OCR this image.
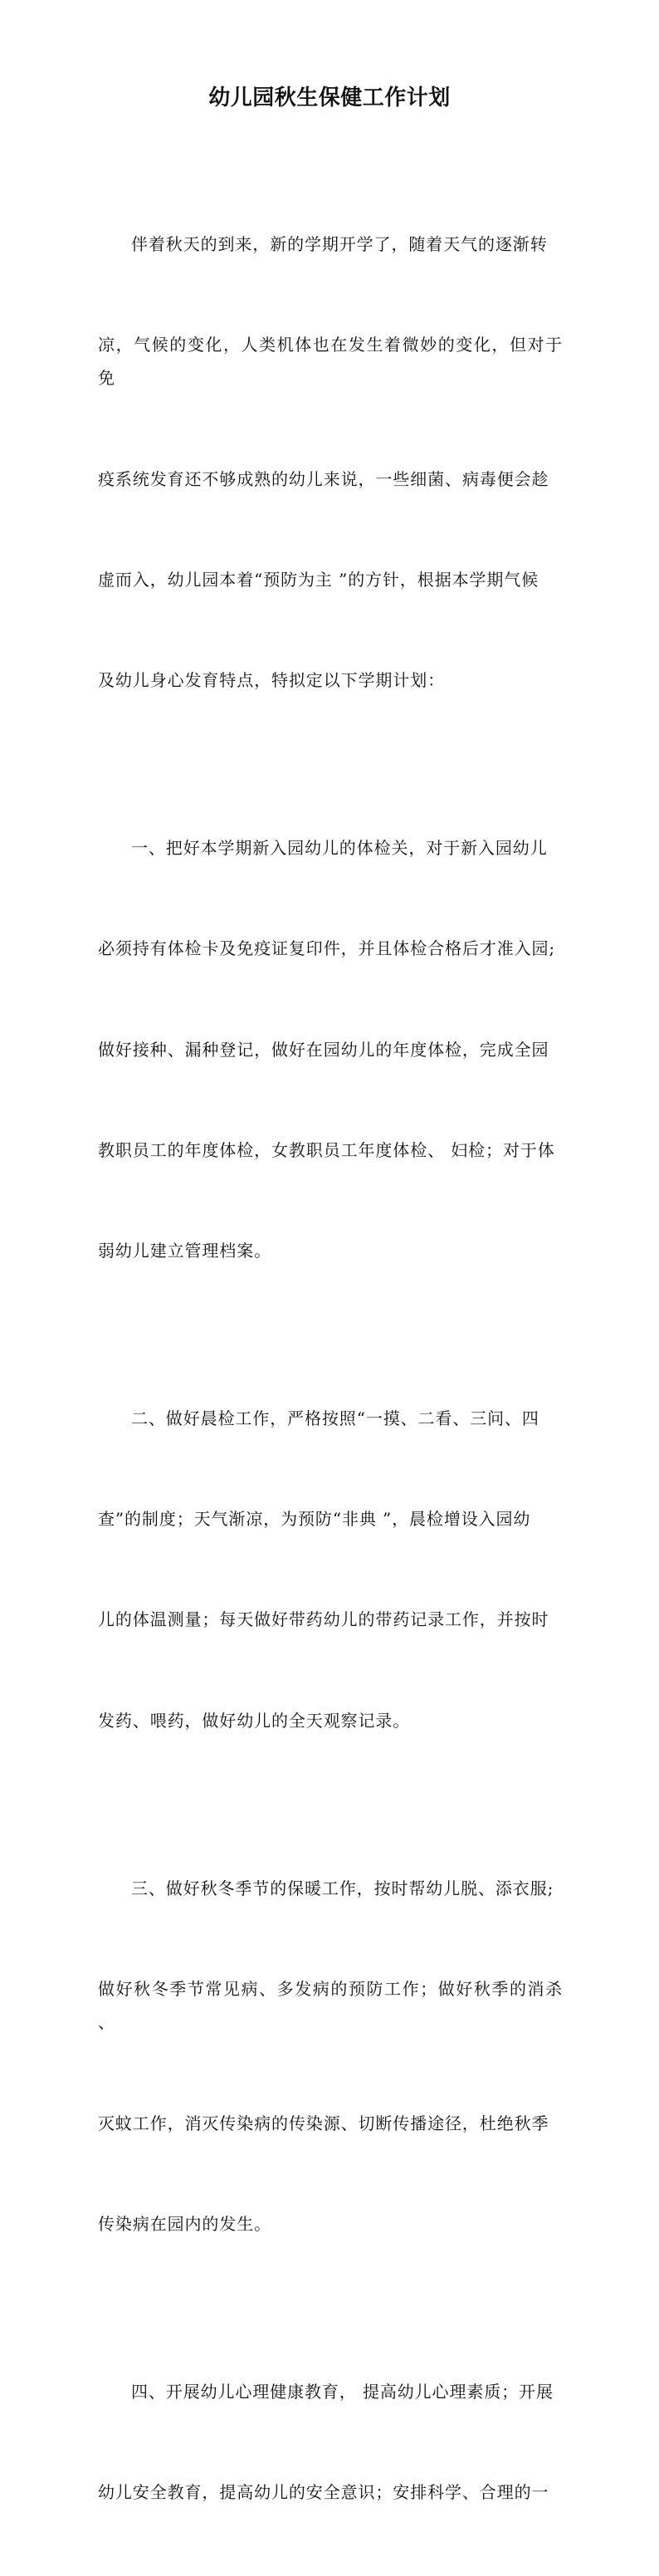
幼儿园秋生保健工作计划

伴着秋天的到来，新的学期开学了，随着天气的逐渐转

凉，气候的变化，人类机体也在发生着微妙的变化，但对于免

疫系统发育还不够成熟的幼儿来说，一些细菌、病毒便会趁

虚而入，幼儿园本着“预防为主 ”的方针，根据本学期气候

及幼儿身心发育特点，特拟定以下学期计划：

一、把好本学期新入园幼儿的体检关，对于新入园幼儿

必须持有体检卡及免疫证复印件，并且体检合格后才准入园;

做好接种、漏种登记，做好在园幼儿的年度体检，完成全园

教职员工的年度体检，女教职员工年度体检、 妇检；对于体

弱幼儿建立管理档案。

二、做好晨检工作，严格按照“一摸、二看、三问、四

查”的制度；天气渐凉，为预防“非典 ”，晨检增设入园幼

儿的体温测量；每天做好带药幼儿的带药记录工作，并按时

发药、喂药，做好幼儿的全天观察记录。

三、做好秋冬季节的保暖工作，按时帮幼儿脱、添衣服;

做好秋冬季节常见病、多发病的预防工作；做好秋季的消杀、

灭蚊工作，消灭传染病的传染源、切断传播途径，杜绝秋季

传染病在园内的发生。

四、开展幼儿心理健康教育， 提高幼儿心理素质；开展

幼儿安全教育，提高幼儿的安全意识；安排科学、合理的一
